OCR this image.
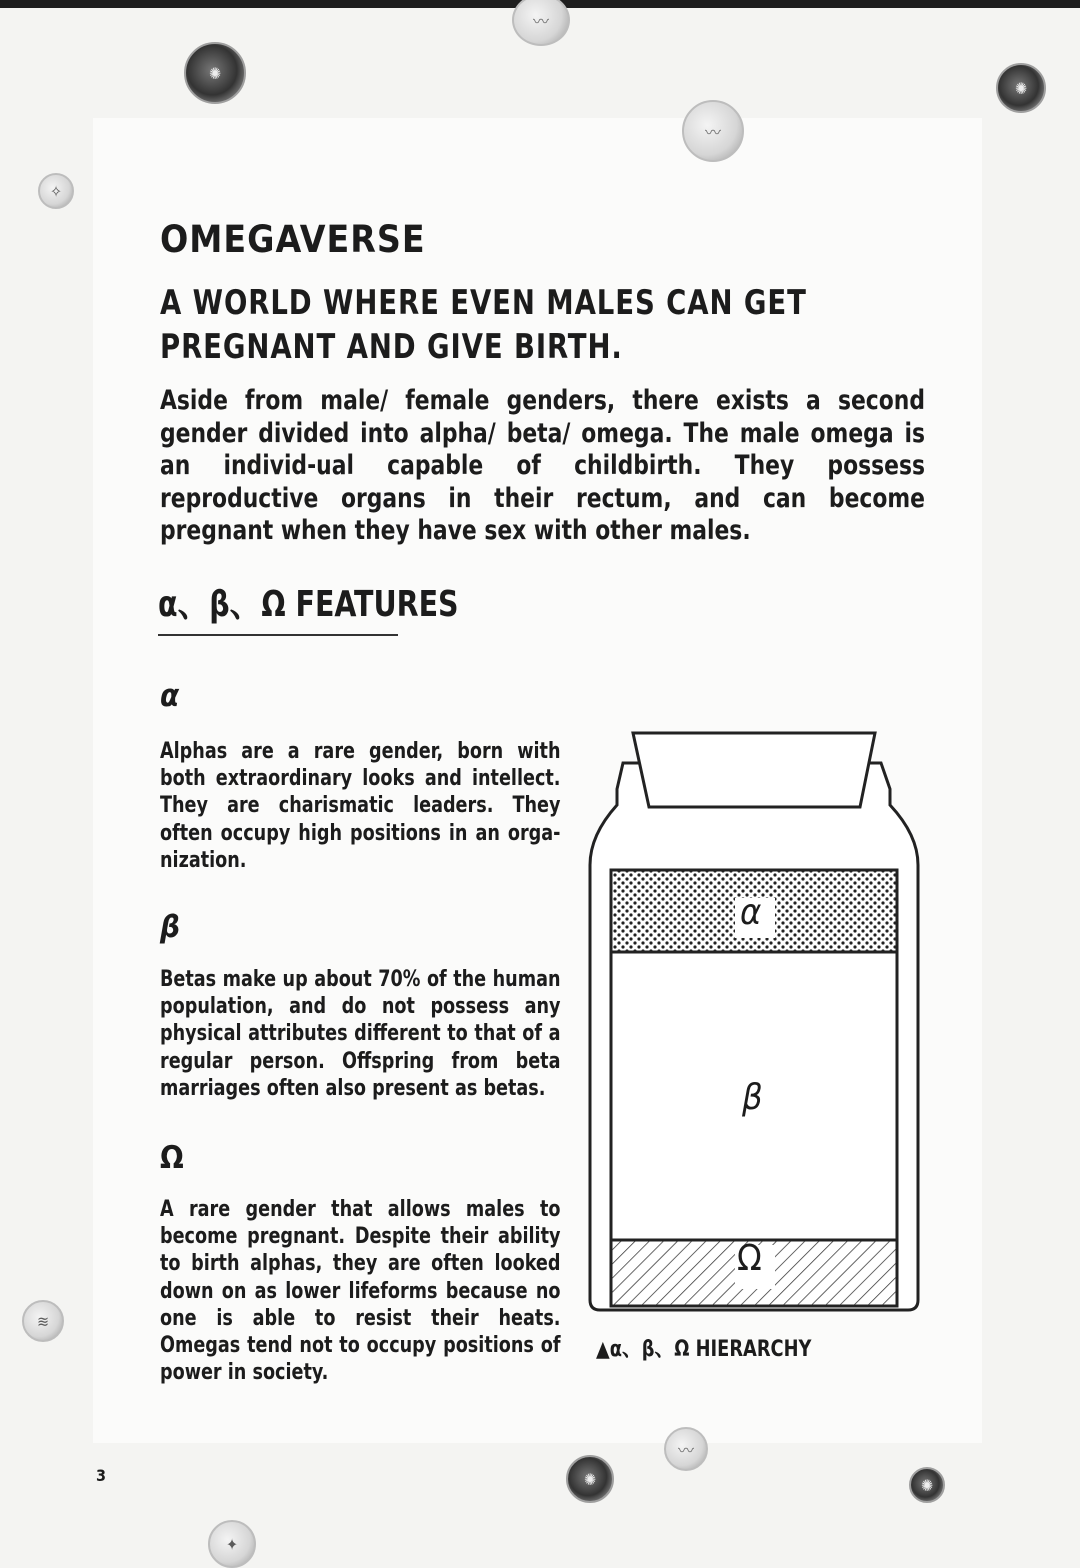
〰
✺
✺
✧
≋
✺	✺
✦
〰
〰
OMEGAVERSE
A WORLD WHERE EVEN MALES CAN GET PREGNANT AND GIVE BIRTH.
Aside from male/ female genders, there exists a second gender divided into alpha/ beta/ omega. The male omega is an individ-ual capable of childbirth. They possess reproductive organs in their rectum, and can become pregnant when they have sex with other males.
α、β、Ω FEATURES
α
Alphas are a rare gender, born with both extraordinary looks and intellect. They are charismatic leaders. They often occupy high positions in an orga-nization.
β
Betas make up about 70% of the human population, and do not possess any physical attributes different to that of a regular person. Offspring from beta marriages often also present as betas.
Ω
A rare gender that allows males to become pregnant. Despite their ability to birth alphas, they are often looked down on as lower lifeforms because no one is able to resist their heats. Omegas tend not to occupy positions of power in society.
α
β
Ω
▲α、β、Ω HIERARCHY
3
